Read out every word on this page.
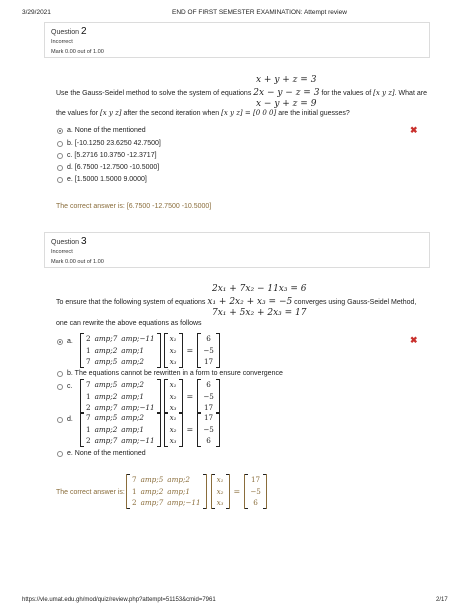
3/29/2021	END OF FIRST SEMESTER EXAMINATION: Attempt review
Question 2
Incorrect
Mark 0.00 out of 1.00
x + y + z = 3
Use the Gauss-Seidel method to solve the system of equations 2x − y − z = 3 for the values of [x y z]. What are
x − y + z = 9
the values for [x y z] after the second iteration when [x y z] = [0 0 0] are the initial guesses?
a. None of the mentioned	✖
b. [-10.1250 23.6250 42.7500]
c. [5.2716 10.3750 -12.3717]
d. [6.7500 -12.7500 -10.5000]
e. [1.5000 1.5000 9.0000]
The correct answer is: [6.7500 -12.7500 -10.5000]
Question 3
Incorrect
Mark 0.00 out of 1.00
2x₁ + 7x₂ − 11x₃ = 6
To ensure that the following system of equations x₁ + 2x₂ + x₃ = −5 converges using Gauss-Seidel Method,
7x₁ + 5x₂ + 2x₃ = 17
one can rewrite the above equations as follows
a. 2 amp;7 amp;−11
1 amp;2 amp;1
7 amp;5 amp;2
x₁
x₂
x₃
=
6
−5
17
✖
b. The equations cannot be rewritten in a form to ensure convergence
c. 7 amp;5 amp;2
1 amp;2 amp;1
2 amp;7 amp;−11
x₁
x₂
x₃
=
6
−5
17
d. 7 amp;5 amp;2
1 amp;2 amp;1
2 amp;7 amp;−11
x₁
x₂
x₃
=
17
−5
6
e. None of the mentioned
The correct answer is:
7 amp;5 amp;2
1 amp;2 amp;1
2 amp;7 amp;−11
x₁
x₂
x₃
=
17
−5
6
https://vle.umat.edu.gh/mod/quiz/review.php?attempt=51153&cmid=7961	2/17
